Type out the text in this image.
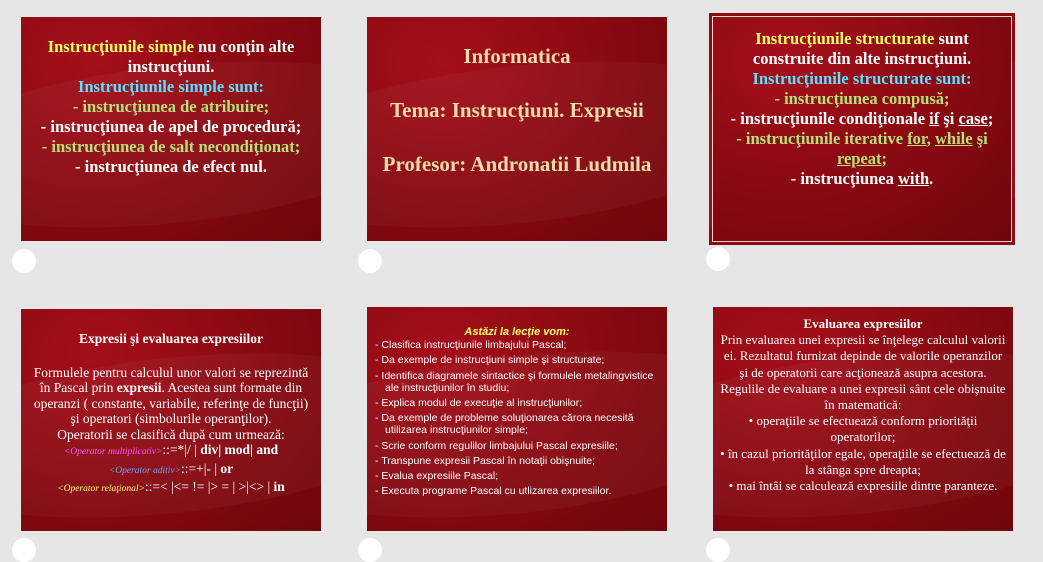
Instrucţiunile simple nu conţin alte instrucţiuni.
Instrucţiunile simple sunt:
- instrucţiunea de atribuire;
- instrucţiunea de apel de procedură;
- instrucţiunea de salt necondiţionat;
- instrucţiunea de efect nul.
Informatica
Tema: Instrucţiuni. Expresii
Profesor: Andronatii Ludmila
Instrucţiunile structurate sunt construite din alte instrucţiuni. Instrucţiunile structurate sunt:
- instrucţiunea compusă;
- instrucţiunile condiţionale if şi case;
- instrucţiunile iterative for, while şi repeat;
- instrucţiunea with.
Expresii şi evaluarea expresiilor
Formulele pentru calculul unor valori se reprezintă în Pascal prin expresii. Acestea sunt formate din operanzi ( constante, variabile, referinţe de funcţii) şi operatori (simbolurile operanţilor).
Operatorii se clasifică după cum urmează:
<Operator multiplicativ>::=*|/ | div| mod| and
<Operator aditiv>::=+|- | or
<Operator relaţional>::=< |<= != |> = | >|<> | in
Astăzi la lecţie vom:
- Clasifica instrucţiunile limbajului Pascal;
- Da exemple de instrucţiuni simple şi structurate;
- Identifica diagramele sintactice şi formulele metalingvistice ale instrucţiunilor în studiu;
- Explica modul de execuţie al instrucţiunilor;
- Da exemple de probleme soluţionarea cărora necesită utilizarea instrucţiunilor simple;
- Scrie conform regulilor limbajului Pascal expresiile;
- Transpune expresii Pascal în notaţii obişnuite;
- Evalua expresiile Pascal;
- Executa programe Pascal cu utlizarea expresiilor.
Evaluarea expresiilor
Prin evaluarea unei expresii se înţelege calculul valorii ei. Rezultatul furnizat depinde de valorile operanzilor şi de operatorii care acţionează asupra acestora. Regulile de evaluare a unei expresii sânt cele obişnuite în matematică:
• operaţiile se efectuează conform priorităţii operatorilor;
• în cazul priorităţilor egale, operaţiile se efectuează de la stânga spre dreapta;
• mai întâi se calculează expresiile dintre paranteze.
